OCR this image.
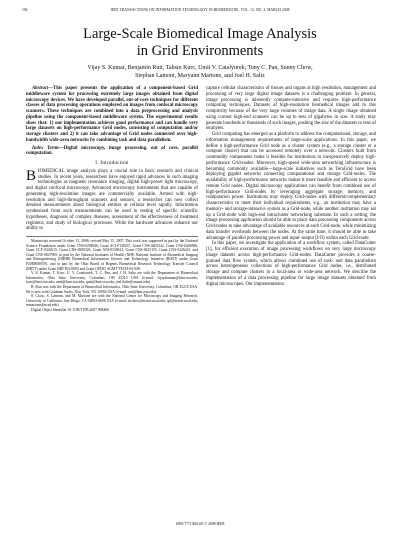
194	IEEE TRANSACTIONS ON INFORMATION TECHNOLOGY IN BIOMEDICINE, VOL. 12, NO. 2, MARCH 2008
Large-Scale Biomedical Image Analysis
in Grid Environments
Vijay S. Kumar, Benjamin Rutt, Tahsin Kurc, Umit V. Catalyurek, Tony C. Pan, Sunny Chow,
Stephan Lamont, Maryann Martone, and Joel H. Saltz

Abstract—This paper presents the application of a component-based Grid middleware system for processing extremely large images obtained from digital microscopy devices. We have developed parallel, out-of-core techniques for different classes of data processing operations employed on images from confocal microscopy scanners. These techniques are combined into a data preprocessing and analysis pipeline using the component-based middleware system. The experimental results show that: 1) our implementation achieves good performance and can handle very large datasets on high-performance Grid nodes, consisting of computation and/or storage clusters and 2) it can take advantage of Grid nodes connected over high-bandwidth wide-area networks by combining task and data parallelism.

Index Terms—Digital microscopy, image processing, out of core, parallel computation.

I. Introduction

BIOMEDICAL image analysis plays a crucial role in basic research and clinical studies. In recent years, researchers have enjoyed rapid advances in such imaging technologies as magnetic resonance imaging, digital high-power light microscopy, and digital confocal microscopy. Advanced microscopy instruments that are capable of generating high-resolution images are commercially available. Armed with high-resolution and high-throughput scanners and sensors, a researcher can now collect detailed measurements about biological entities at cellular level rapidly. Information synthesized from such measurements can be used in testing of specific scientific hypotheses, diagnosis of complex diseases, assessment of the effectiveness of treatment regimens, and study of biological processes. While the hardware advances enhance our ability to

Manuscript received October 31, 2006; revised May 15, 2007. This work was supported in part by the National Science Foundation under Grant CNS-0203846, Grant ACI-0130437, Grant CNS-0403342, Grant CNS-0406386, Grant CCF-0342615, Grant CNS-0509326, Grant ANI-0330612, Grant CNS-0615155, Grant CNS-0426241, and Grant CNS-0647969, in part by the National Institutes of Health (NIH) National Institute of Biomedical Imaging and Bioengineering (NIBIB) Biomedical Information Science and Technology Initiative (BISTI) under Grant P20EB000591, and in part by the Ohio Board of Regents Biomedical Research Technology Transfer Council (BRTT) under Grant BRTT02-0003 and Grant ODOD AGMT-TECH-04-049.

V. S. Kumar, T. Kurc, U. V. Catalyurek, T. C. Pan, and J. H. Saltz are with the Department of Biomedical Informatics, Ohio State University, Columbus, OH 43210 USA (e-mail: vijayskumar@bmi.osu.edu; kurc@bmi.osu.edu; umit@bmi.osu.edu; tpan@bmi.osu.edu; joel.Saltz@osumc.edu).

B. Rutt was with the Department of Biomedical Informatics, Ohio State University, Columbus, OH 43210 USA. He is now with Goldman Sachs, New York, NY 10004 USA (e-mail: rutt@bmi.osu.edu).

S. Chow, S. Lamont, and M. Martone are with the National Center for Microscopy and Imaging Research, University of California, San Diego, CA 92093-0608 USA (e-mail: skchow@ncmir.ucsd.edu; spl@ncmir.ucsd.edu; mmartone@ucsd.edu).

Digital Object Identifier 10.1109/TITB.2007.908466

capture cellular characteristics of tissues and organs at high resolution, management and processing of very large digital image datasets is a challenging problem. In general, image processing is inherently compute-intensive and requires high-performance computing techniques. Datasets of high-resolution biomedical images add to this complexity because of the very large volumes of image data. A single image obtained using current high-end scanners can be up to tens of gigabytes in size. A study may generate hundreds or thousands of such images, pushing the size of the datasets to tens of terabytes.

Grid computing has emerged as a platform to address the computational, storage, and information management requirements of large-scale applications. In this paper, we define a high-performance Grid node as a cluster system (e.g., a storage cluster or a compute cluster) that can be accessed remotely over a network. Clusters built from commodity components make it feasible for institutions to inexpensively deploy high-performance Grid-nodes. Moreover, high-speed wide-area networking infrastructure is becoming commonly available—large-scale initiatives such as TeraGrid have been deploying gigabit networks connecting computational and storage Grid-nodes. The availability of high-performance networks makes it more feasible and efficient to access remote Grid nodes. Digital microscopy applications can benefit from combined use of high-performance Grid-nodes by leveraging aggregate storage, memory, and computation power. Institutions may deploy Grid-nodes with different/complementary characteristics to meet their individual requirements, e.g., an institution may have a memory- and storage-intensive system as a Grid-node, while another institution may set up a Grid-node with high-end intracluster networking substrate. In such a setting, the image processing application should be able to place data processing components across Grid-nodes to take advantage of available resources at each Grid-node, while minimizing data transfer overheads between the nodes. At the same time, it should be able to take advantage of parallel processing power and input–output (I/O) within each Grid-node.

In this paper, we investigate the application of a workflow system, called DataCutter [1], for efficient execution of image processing workflows on very large microscopy image datasets across high-performance Grid-nodes. DataCutter provides a coarse-grained data flow system, which allows combined use of task- and data parallelism across heterogeneous collections of high-performance Grid nodes, i.e., distributed storage and compute clusters in a local-area or wide-area network. We describe the implementation of a data processing pipeline for large image datasets obtained from digital microscopes. Our implementation

1089-7771/$25.00 © 2008 IEEE
